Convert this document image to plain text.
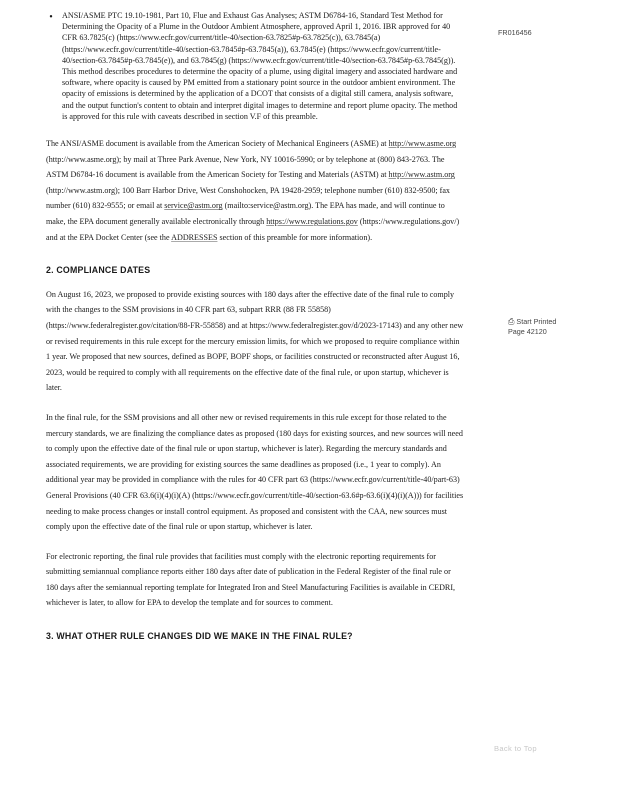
FR016456
•	ANSI/ASME PTC 19.10-1981, Part 10, Flue and Exhaust Gas Analyses; ASTM D6784-16, Standard Test Method for Determining the Opacity of a Plume in the Outdoor Ambient Atmosphere, approved April 1, 2016. IBR approved for 40 CFR 63.7825(c) (https://www.ecfr.gov/current/title-40/section-63.7825#p-63.7825(c)), 63.7845(a) (https://www.ecfr.gov/current/title-40/section-63.7845#p-63.7845(a)), 63.7845(e) (https://www.ecfr.gov/current/title-40/section-63.7845#p-63.7845(e)), and 63.7845(g) (https://www.ecfr.gov/current/title-40/section-63.7845#p-63.7845(g)). This method describes procedures to determine the opacity of a plume, using digital imagery and associated hardware and software, where opacity is caused by PM emitted from a stationary point source in the outdoor ambient environment. The opacity of emissions is determined by the application of a DCOT that consists of a digital still camera, analysis software, and the output function's content to obtain and interpret digital images to determine and report plume opacity. The method is approved for this rule with caveats described in section V.F of this preamble.

The ANSI/ASME document is available from the American Society of Mechanical Engineers (ASME) at http://www.asme.org (http://www.asme.org); by mail at Three Park Avenue, New York, NY 10016-5990; or by telephone at (800) 843-2763. The ASTM D6784-16 document is available from the American Society for Testing and Materials (ASTM) at http://www.astm.org (http://www.astm.org); 100 Barr Harbor Drive, West Conshohocken, PA 19428-2959; telephone number (610) 832-9500; fax number (610) 832-9555; or email at service@astm.org (mailto:service@astm.org). The EPA has made, and will continue to make, the EPA document generally available electronically through https://www.regulations.gov (https://www.regulations.gov/) and at the EPA Docket Center (see the ADDRESSES section of this preamble for more information).

2. COMPLIANCE DATES

On August 16, 2023, we proposed to provide existing sources with 180 days after the effective date of the final rule to comply with the changes to the SSM provisions in 40 CFR part 63, subpart RRR (88 FR 55858) (https://www.federalregister.gov/citation/88-FR-55858) and at https://www.federalregister.gov/d/2023-17143) and any other new or revised requirements in this rule except for the mercury emission limits, for which we proposed to require compliance within 1 year. We proposed that new sources, defined as BOPF, BOPF shops, or facilities constructed or reconstructed after August 16, 2023, would be required to comply with all requirements on the effective date of the final rule, or upon startup, whichever is later.

In the final rule, for the SSM provisions and all other new or revised requirements in this rule except for those related to the mercury standards, we are finalizing the compliance dates as proposed (180 days for existing sources, and new sources will need to comply upon the effective date of the final rule or upon startup, whichever is later). Regarding the mercury standards and associated requirements, we are providing for existing sources the same deadlines as proposed (i.e., 1 year to comply). An additional year may be provided in compliance with the rules for 40 CFR part 63 (https://www.ecfr.gov/current/title-40/part-63) General Provisions (40 CFR 63.6(i)(4)(i)(A) (https://www.ecfr.gov/current/title-40/section-63.6#p-63.6(i)(4)(i)(A))) for facilities needing to make process changes or install control equipment. As proposed and consistent with the CAA, new sources must comply upon the effective date of the final rule or upon startup, whichever is later.

For electronic reporting, the final rule provides that facilities must comply with the electronic reporting requirements for submitting semiannual compliance reports either 180 days after date of publication in the Federal Register of the final rule or 180 days after the semiannual reporting template for Integrated Iron and Steel Manufacturing Facilities is available in CEDRI, whichever is later, to allow for EPA to develop the template and for sources to comment.

3. WHAT OTHER RULE CHANGES DID WE MAKE IN THE FINAL RULE?

⎙ Start Printed
Page 42120
Back to Top
